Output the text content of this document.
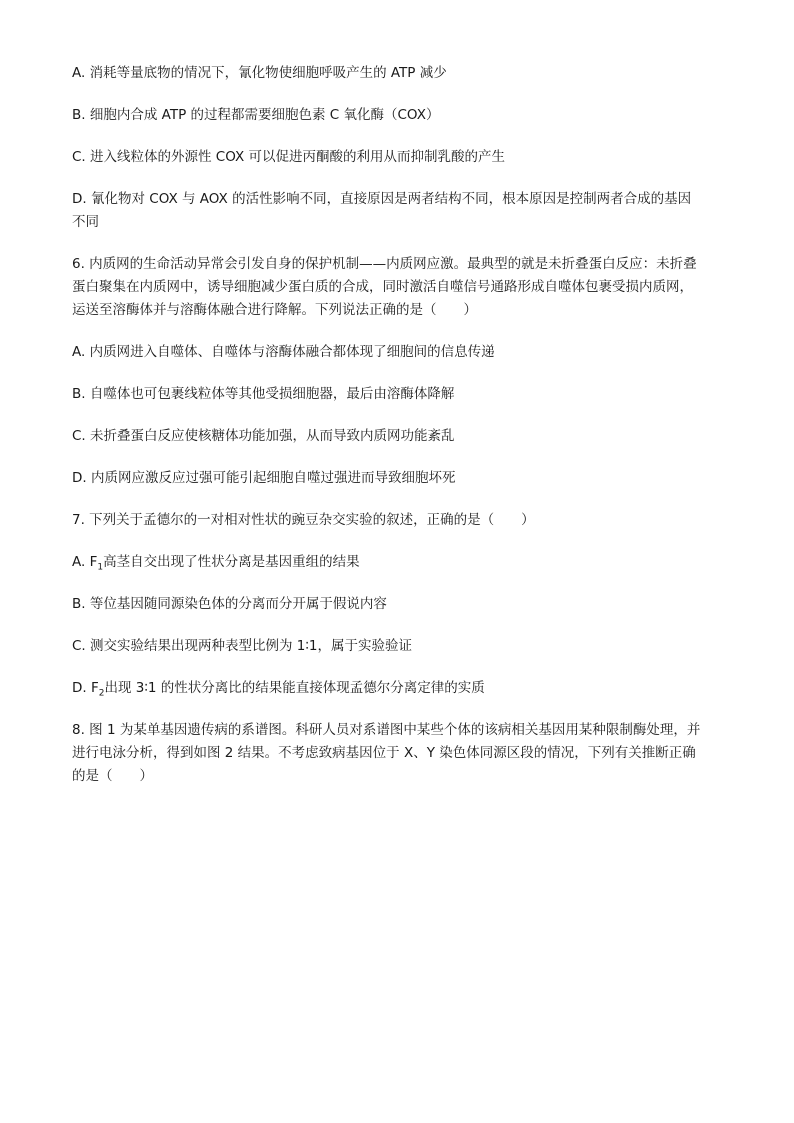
A. 消耗等量底物的情况下，氰化物使细胞呼吸产生的 ATP 减少

B. 细胞内合成 ATP 的过程都需要细胞色素 C 氧化酶（COX）

C. 进入线粒体的外源性 COX 可以促进丙酮酸的利用从而抑制乳酸的产生

D. 氰化物对 COX 与 AOX 的活性影响不同，直接原因是两者结构不同，根本原因是控制两者合成的基因

不同

6. 内质网的生命活动异常会引发自身的保护机制——内质网应激。最典型的就是未折叠蛋白反应：未折叠

蛋白聚集在内质网中，诱导细胞减少蛋白质的合成，同时激活自噬信号通路形成自噬体包裹受损内质网，

运送至溶酶体并与溶酶体融合进行降解。下列说法正确的是（　　）

A. 内质网进入自噬体、自噬体与溶酶体融合都体现了细胞间的信息传递

B. 自噬体也可包裹线粒体等其他受损细胞器，最后由溶酶体降解

C. 未折叠蛋白反应使核糖体功能加强，从而导致内质网功能紊乱

D. 内质网应激反应过强可能引起细胞自噬过强进而导致细胞坏死

7. 下列关于孟德尔的一对相对性状的豌豆杂交实验的叙述，正确的是（　　）

A. $F_1$高茎自交出现了性状分离是基因重组的结果

B. 等位基因随同源染色体的分离而分开属于假说内容

C. 测交实验结果出现两种表型比例为 1∶1，属于实验验证

D. $F_2$出现 3∶1 的性状分离比的结果能直接体现孟德尔分离定律的实质

8. 图 1 为某单基因遗传病的系谱图。科研人员对系谱图中某些个体的该病相关基因用某种限制酶处理，并

进行电泳分析，得到如图 2 结果。不考虑致病基因位于 X、Y 染色体同源区段的情况，下列有关推断正确

的是（　　）
